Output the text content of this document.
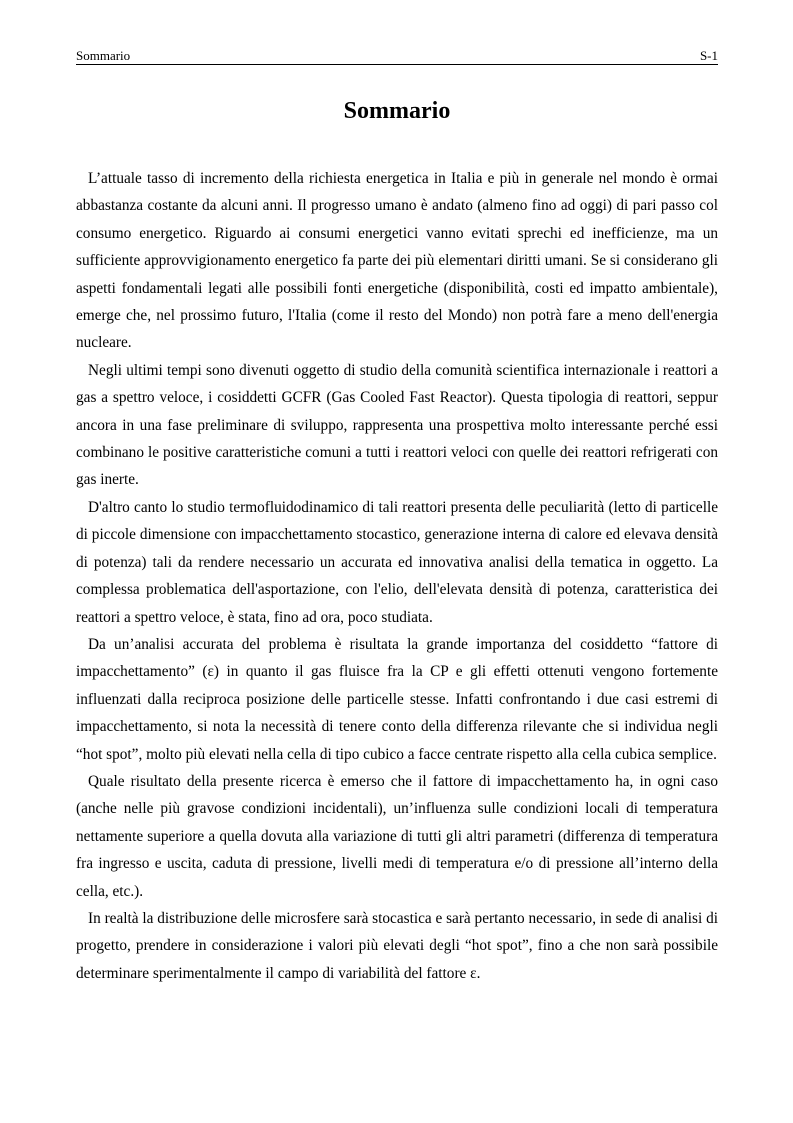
Sommario	S-1
Sommario

L’attuale tasso di incremento della richiesta energetica in Italia e più in generale nel mondo è ormai abbastanza costante da alcuni anni. Il progresso umano è andato (almeno fino ad oggi) di pari passo col consumo energetico. Riguardo ai consumi energetici vanno evitati sprechi ed inefficienze, ma un sufficiente approvvigionamento energetico fa parte dei più elementari diritti umani. Se si considerano gli aspetti fondamentali legati alle possibili fonti energetiche (disponibilità, costi ed impatto ambientale), emerge che, nel prossimo futuro, l'Italia (come il resto del Mondo) non potrà fare a meno dell'energia nucleare.

Negli ultimi tempi sono divenuti oggetto di studio della comunità scientifica internazionale i reattori a gas a spettro veloce, i cosiddetti GCFR (Gas Cooled Fast Reactor). Questa tipologia di reattori, seppur ancora in una fase preliminare di sviluppo, rappresenta una prospettiva molto interessante perché essi combinano le positive caratteristiche comuni a tutti i reattori veloci con quelle dei reattori refrigerati con gas inerte.

D'altro canto lo studio termofluidodinamico di tali reattori presenta delle peculiarità (letto di particelle di piccole dimensione con impacchettamento stocastico, generazione interna di calore ed elevava densità di potenza) tali da rendere necessario un accurata ed innovativa analisi della tematica in oggetto. La complessa problematica dell'asportazione, con l'elio, dell'elevata densità di potenza, caratteristica dei reattori a spettro veloce, è stata, fino ad ora, poco studiata.

Da un’analisi accurata del problema è risultata la grande importanza del cosiddetto “fattore di impacchettamento” (ε) in quanto il gas fluisce fra la CP e gli effetti ottenuti vengono fortemente influenzati dalla reciproca posizione delle particelle stesse. Infatti confrontando i due casi estremi di impacchettamento, si nota la necessità di tenere conto della differenza rilevante che si individua negli “hot spot”, molto più elevati nella cella di tipo cubico a facce centrate rispetto alla cella cubica semplice.

Quale risultato della presente ricerca è emerso che il fattore di impacchettamento ha, in ogni caso (anche nelle più gravose condizioni incidentali), un’influenza sulle condizioni locali di temperatura nettamente superiore a quella dovuta alla variazione di tutti gli altri parametri (differenza di temperatura fra ingresso e uscita, caduta di pressione, livelli medi di temperatura e/o di pressione all’interno della cella, etc.).

In realtà la distribuzione delle microsfere sarà stocastica e sarà pertanto necessario, in sede di analisi di progetto, prendere in considerazione i valori più elevati degli “hot spot”, fino a che non sarà possibile determinare sperimentalmente il campo di variabilità del fattore ε.
